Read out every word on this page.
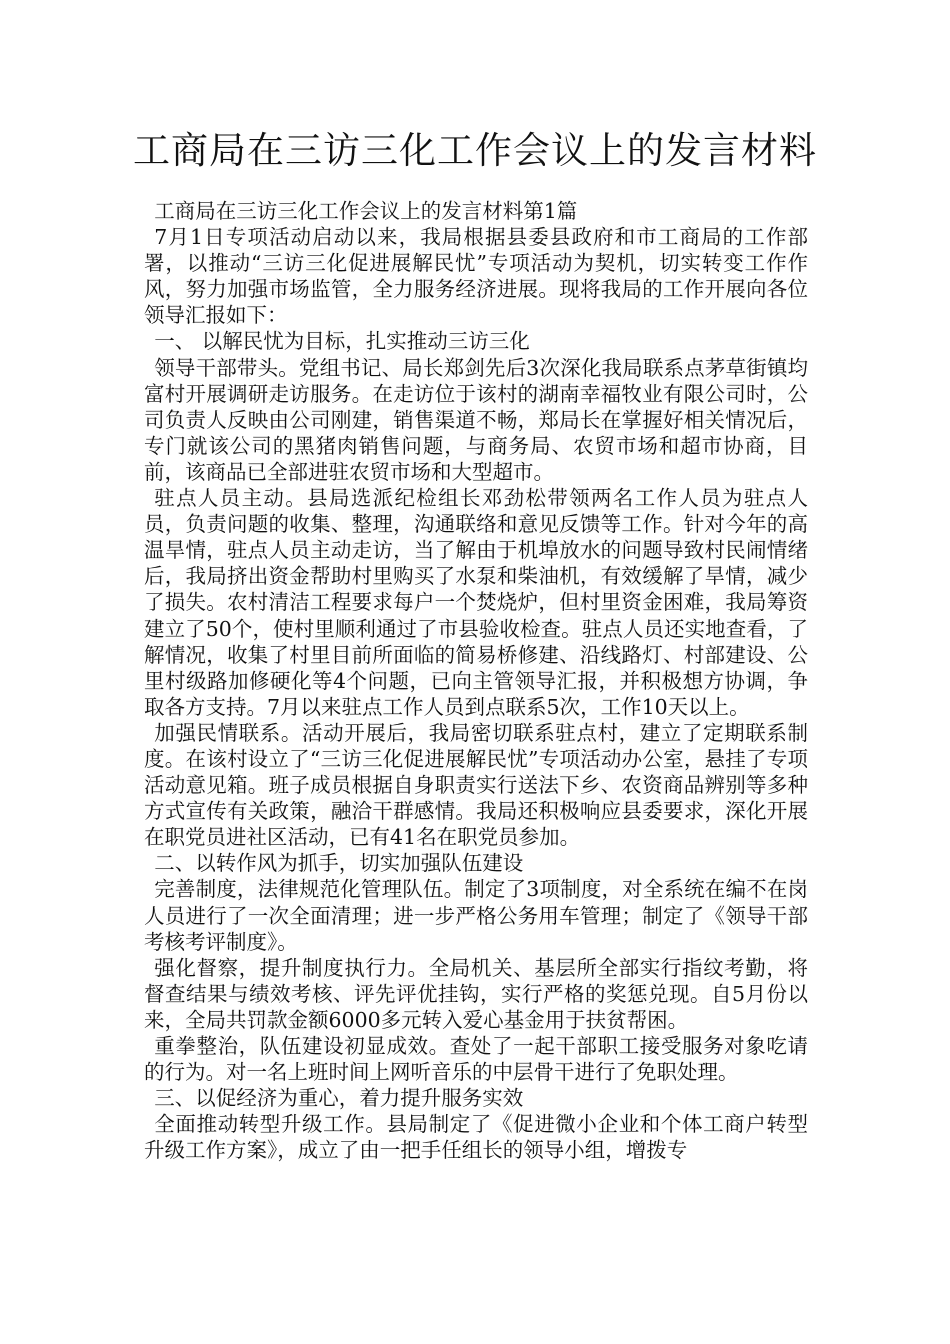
工商局在三访三化工作会议上的发言材料

工商局在三访三化工作会议上的发言材料第1篇

7月1日专项活动启动以来，我局根据县委县政府和市工商局的工作部署，以推动“三访三化促进展解民忧”专项活动为契机，切实转变工作作风，努力加强市场监管，全力服务经济进展。现将我局的工作开展向各位领导汇报如下：

一、 以解民忧为目标，扎实推动三访三化

领导干部带头。党组书记、局长郑剑先后3次深化我局联系点茅草街镇均富村开展调研走访服务。在走访位于该村的湖南幸福牧业有限公司时，公司负责人反映由公司刚建，销售渠道不畅，郑局长在掌握好相关情况后，专门就该公司的黑猪肉销售问题，与商务局、农贸市场和超市协商，目前，该商品已全部进驻农贸市场和大型超市。

驻点人员主动。县局选派纪检组长邓劲松带领两名工作人员为驻点人员，负责问题的收集、整理，沟通联络和意见反馈等工作。针对今年的高温旱情，驻点人员主动走访，当了解由于机埠放水的问题导致村民闹情绪后，我局挤出资金帮助村里购买了水泵和柴油机，有效缓解了旱情，减少了损失。农村清洁工程要求每户一个焚烧炉，但村里资金困难，我局筹资建立了50个，使村里顺利通过了市县验收检查。驻点人员还实地查看，了解情况，收集了村里目前所面临的简易桥修建、沿线路灯、村部建设、公里村级路加修硬化等4个问题，已向主管领导汇报，并积极想方协调，争取各方支持。7月以来驻点工作人员到点联系5次，工作10天以上。

加强民情联系。活动开展后，我局密切联系驻点村，建立了定期联系制度。在该村设立了“三访三化促进展解民忧”专项活动办公室，悬挂了专项活动意见箱。班子成员根据自身职责实行送法下乡、农资商品辨别等多种方式宣传有关政策，融洽干群感情。我局还积极响应县委要求，深化开展在职党员进社区活动，已有41名在职党员参加。

二、以转作风为抓手，切实加强队伍建设

完善制度，法律规范化管理队伍。制定了3项制度，对全系统在编不在岗人员进行了一次全面清理；进一步严格公务用车管理；制定了《领导干部考核考评制度》。

强化督察，提升制度执行力。全局机关、基层所全部实行指纹考勤，将督查结果与绩效考核、评先评优挂钩，实行严格的奖惩兑现。自5月份以来，全局共罚款金额6000多元转入爱心基金用于扶贫帮困。

重拳整治，队伍建设初显成效。查处了一起干部职工接受服务对象吃请的行为。对一名上班时间上网听音乐的中层骨干进行了免职处理。

三、以促经济为重心，着力提升服务实效

全面推动转型升级工作。县局制定了《促进微小企业和个体工商户转型升级工作方案》，成立了由一把手任组长的领导小组，增拨专
